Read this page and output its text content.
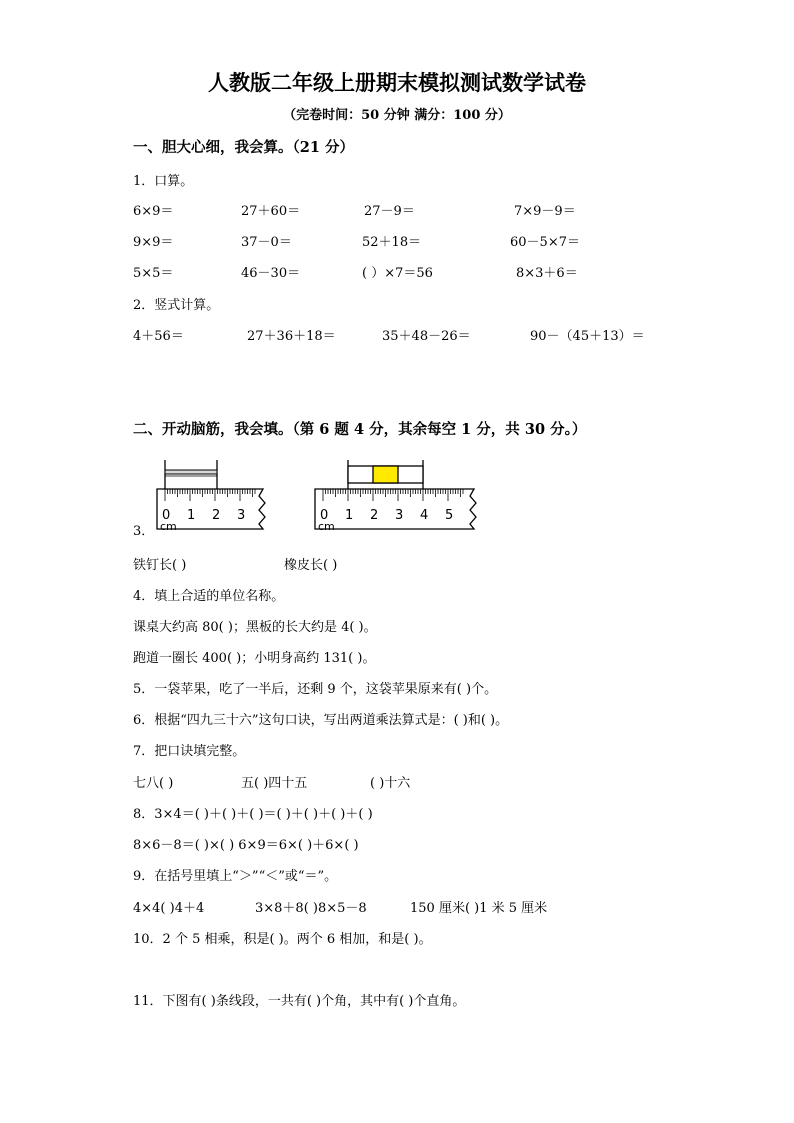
人教版二年级上册期末模拟测试数学试卷
（完卷时间：50 分钟 满分：100 分）
一、胆大心细，我会算。（21 分）
1．口算。
6×9＝	27＋60＝	27－9＝	7×9－9＝
9×9＝	37－0＝	52＋18＝	60－5×7＝
5×5＝	46－30＝	( ）×7＝56	8×3＋6＝
2．竖式计算。
4＋56＝	27＋36＋18＝	35＋48－26＝	90－（45＋13）＝
二、开动脑筋，我会填。（第 6 题 4 分，其余每空 1 分，共 30 分。）
0 1 2 3
cm
0 1 2 3 4 5
cm
3．
铁钉长( )	橡皮长( )
4．填上合适的单位名称。
课桌大约高 80( )；黑板的长大约是 4( )。
跑道一圈长 400( )；小明身高约 131( )。
5．一袋苹果，吃了一半后，还剩 9 个，这袋苹果原来有( )个。
6．根据“四九三十六”这句口诀，写出两道乘法算式是：( )和( )。
7．把口诀填完整。
七八( )	五( )四十五	( )十六
8．3×4＝( )＋( )＋( )＝( )＋( )＋( )＋( )
8×6－8＝( )×( ) 6×9＝6×( )＋6×( )
9．在括号里填上“＞”“＜”或“＝”。
4×4( )4＋4	3×8＋8( )8×5－8	150 厘米( )1 米 5 厘米
10．2 个 5 相乘，积是( )。两个 6 相加，和是( )。
11．下图有( )条线段，一共有( )个角，其中有( )个直角。
